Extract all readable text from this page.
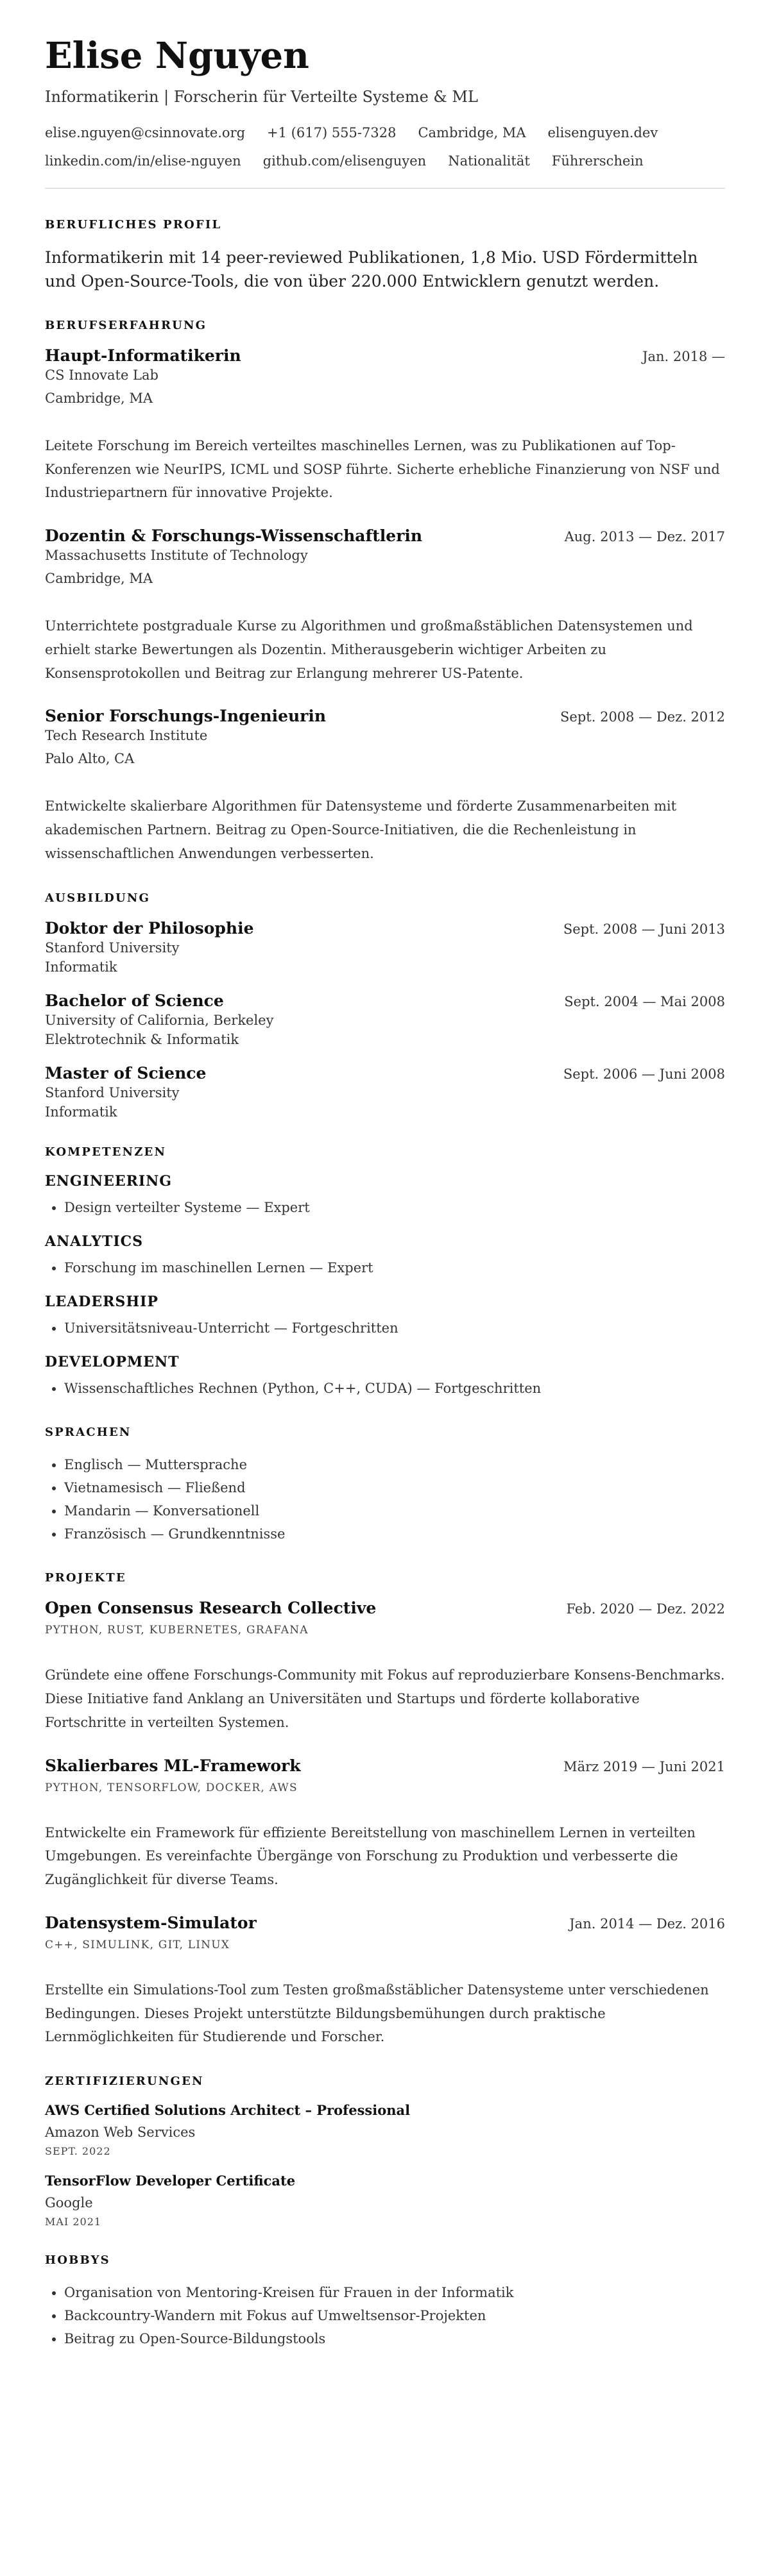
Elise Nguyen
Informatikerin | Forscherin für Verteilte Systeme & ML
elise.nguyen@csinnovate.org +1 (617) 555-7328 Cambridge, MA elisenguyen.dev
linkedin.com/in/elise-nguyen github.com/elisenguyen Nationalität Führerschein
BERUFLICHES PROFIL
Informatikerin mit 14 peer-reviewed Publikationen, 1,8 Mio. USD Fördermitteln und Open-Source-Tools, die von über 220.000 Entwicklern genutzt werden.
BERUFSERFAHRUNG
Haupt-Informatikerin	Jan. 2018 —
CS Innovate Lab
Cambridge, MA
Leitete Forschung im Bereich verteiltes maschinelles Lernen, was zu Publikationen auf Top-Konferenzen wie NeurIPS, ICML und SOSP führte. Sicherte erhebliche Finanzierung von NSF und Industriepartnern für innovative Projekte.
Dozentin & Forschungs-Wissenschaftlerin	Aug. 2013 — Dez. 2017
Massachusetts Institute of Technology
Cambridge, MA
Unterrichtete postgraduale Kurse zu Algorithmen und großmaßstäblichen Datensystemen und erhielt starke Bewertungen als Dozentin. Mitherausgeberin wichtiger Arbeiten zu Konsensprotokollen und Beitrag zur Erlangung mehrerer US-Patente.
Senior Forschungs-Ingenieurin	Sept. 2008 — Dez. 2012
Tech Research Institute
Palo Alto, CA
Entwickelte skalierbare Algorithmen für Datensysteme und förderte Zusammenarbeiten mit akademischen Partnern. Beitrag zu Open-Source-Initiativen, die die Rechenleistung in wissenschaftlichen Anwendungen verbesserten.
AUSBILDUNG
Doktor der Philosophie	Sept. 2008 — Juni 2013
Stanford University
Informatik
Bachelor of Science	Sept. 2004 — Mai 2008
University of California, Berkeley
Elektrotechnik & Informatik
Master of Science	Sept. 2006 — Juni 2008
Stanford University
Informatik
KOMPETENZEN
ENGINEERING
• Design verteilter Systeme — Expert
ANALYTICS
• Forschung im maschinellen Lernen — Expert
LEADERSHIP
• Universitätsniveau-Unterricht — Fortgeschritten
DEVELOPMENT
• Wissenschaftliches Rechnen (Python, C++, CUDA) — Fortgeschritten
SPRACHEN
• Englisch — Muttersprache
• Vietnamesisch — Fließend
• Mandarin — Konversationell
• Französisch — Grundkenntnisse
PROJEKTE
Open Consensus Research Collective	Feb. 2020 — Dez. 2022
PYTHON, RUST, KUBERNETES, GRAFANA
Gründete eine offene Forschungs-Community mit Fokus auf reproduzierbare Konsens-Benchmarks. Diese Initiative fand Anklang an Universitäten und Startups und förderte kollaborative Fortschritte in verteilten Systemen.
Skalierbares ML-Framework	März 2019 — Juni 2021
PYTHON, TENSORFLOW, DOCKER, AWS
Entwickelte ein Framework für effiziente Bereitstellung von maschinellem Lernen in verteilten Umgebungen. Es vereinfachte Übergänge von Forschung zu Produktion und verbesserte die Zugänglichkeit für diverse Teams.
Datensystem-Simulator	Jan. 2014 — Dez. 2016
C++, SIMULINK, GIT, LINUX
Erstellte ein Simulations-Tool zum Testen großmaßstäblicher Datensysteme unter verschiedenen Bedingungen. Dieses Projekt unterstützte Bildungsbemühungen durch praktische Lernmöglichkeiten für Studierende und Forscher.
ZERTIFIZIERUNGEN
AWS Certified Solutions Architect – Professional
Amazon Web Services
SEPT. 2022
TensorFlow Developer Certificate
Google
MAI 2021
HOBBYS
• Organisation von Mentoring-Kreisen für Frauen in der Informatik
• Backcountry-Wandern mit Fokus auf Umweltsensor-Projekten
• Beitrag zu Open-Source-Bildungstools
